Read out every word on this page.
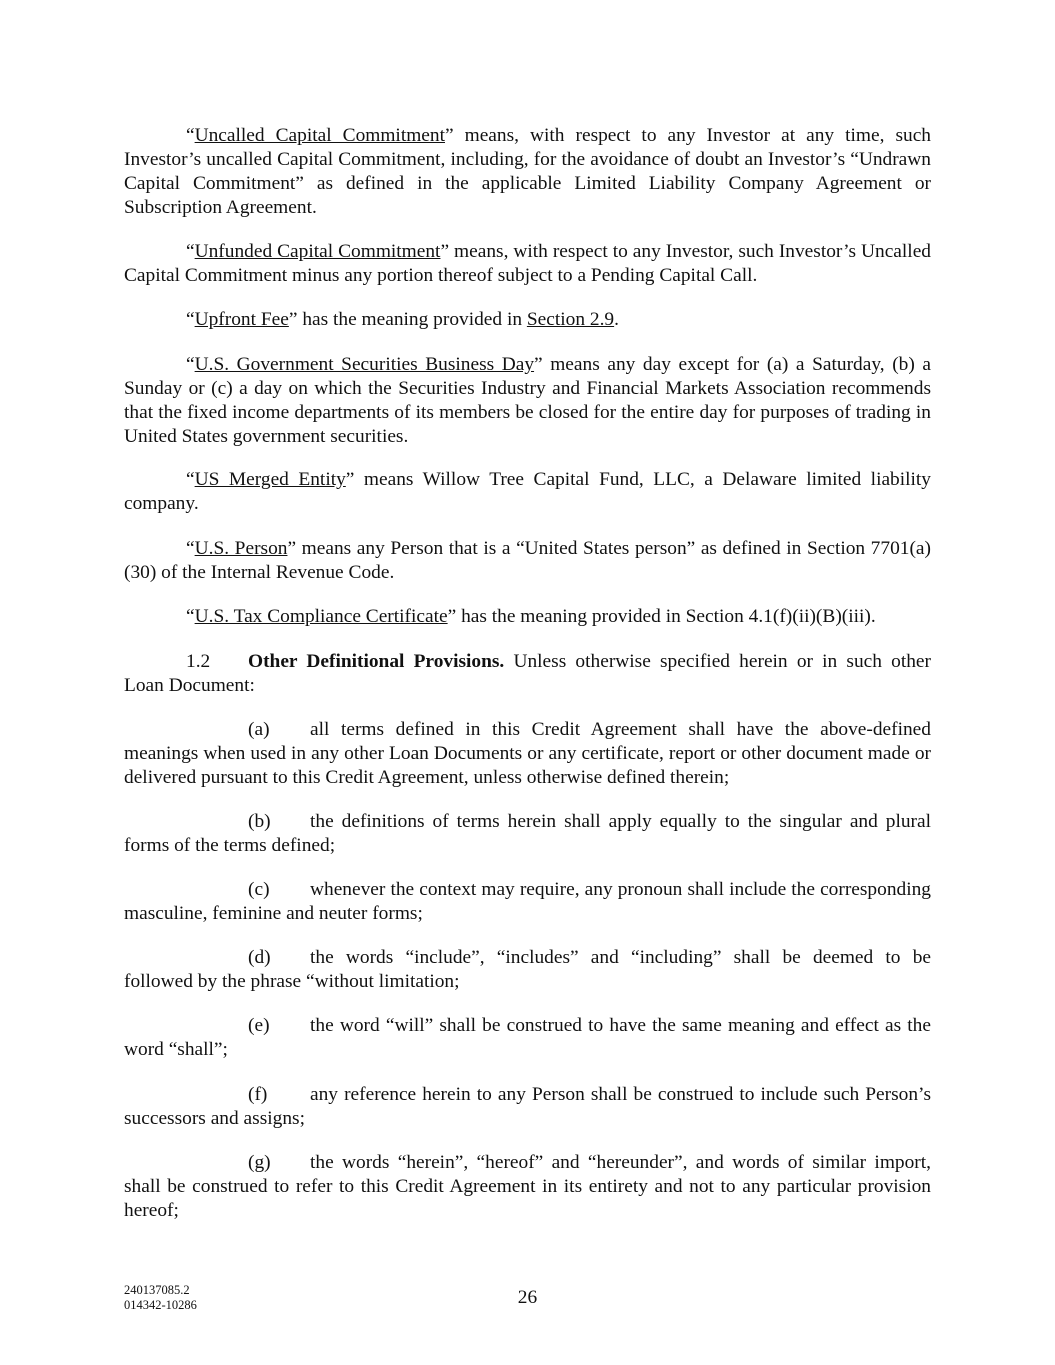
“Uncalled Capital Commitment” means, with respect to any Investor at any time, such Investor’s uncalled Capital Commitment, including, for the avoidance of doubt an Investor’s “Undrawn Capital Commitment” as defined in the applicable Limited Liability Company Agreement or Subscription Agreement.

“Unfunded Capital Commitment” means, with respect to any Investor, such Investor’s Uncalled Capital Commitment minus any portion thereof subject to a Pending Capital Call.

“Upfront Fee” has the meaning provided in Section 2.9.

“U.S. Government Securities Business Day” means any day except for (a) a Saturday, (b) a Sunday or (c) a day on which the Securities Industry and Financial Markets Association recommends that the fixed income departments of its members be closed for the entire day for purposes of trading in United States government securities.

“US Merged Entity” means Willow Tree Capital Fund, LLC, a Delaware limited liability company.

“U.S. Person” means any Person that is a “United States person” as defined in Section 7701(a)(30) of the Internal Revenue Code.

“U.S. Tax Compliance Certificate” has the meaning provided in Section 4.1(f)(ii)(B)(iii).

1.2 Other Definitional Provisions. Unless otherwise specified herein or in such other Loan Document:

(a) all terms defined in this Credit Agreement shall have the above-defined meanings when used in any other Loan Documents or any certificate, report or other document made or delivered pursuant to this Credit Agreement, unless otherwise defined therein;

(b) the definitions of terms herein shall apply equally to the singular and plural forms of the terms defined;

(c) whenever the context may require, any pronoun shall include the corresponding masculine, feminine and neuter forms;

(d) the words “include”, “includes” and “including” shall be deemed to be followed by the phrase “without limitation;

(e) the word “will” shall be construed to have the same meaning and effect as the word “shall”;

(f) any reference herein to any Person shall be construed to include such Person’s successors and assigns;

(g) the words “herein”, “hereof” and “hereunder”, and words of similar import, shall be construed to refer to this Credit Agreement in its entirety and not to any particular provision hereof;

240137085.2
014342-10286	26
